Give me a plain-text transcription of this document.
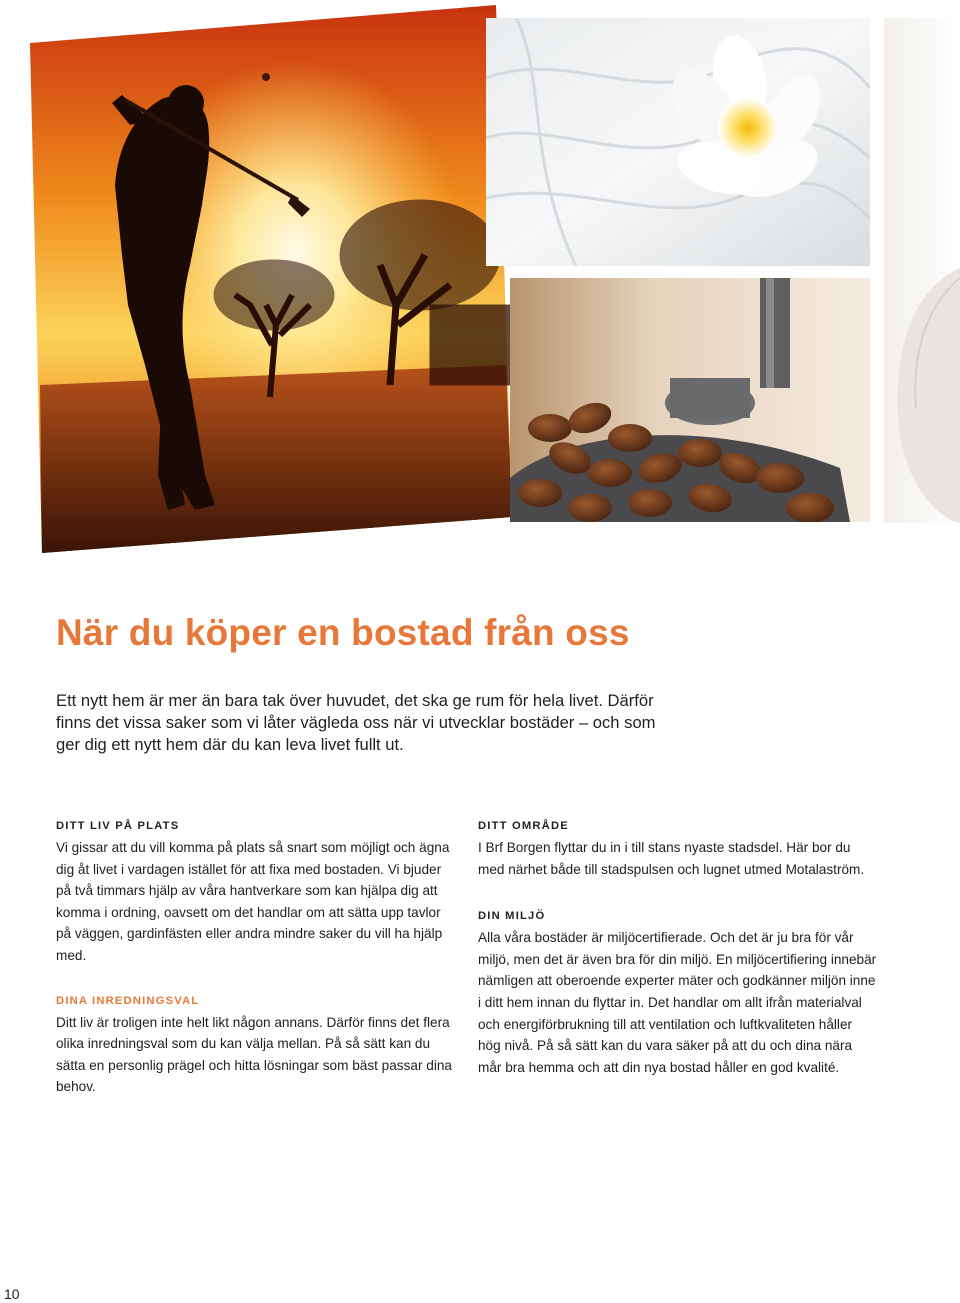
När du köper en bostad från oss

Ett nytt hem är mer än bara tak över huvudet, det ska ge rum för hela livet. Därför finns det vissa saker som vi låter vägleda oss när vi utvecklar bostäder – och som ger dig ett nytt hem där du kan leva livet fullt ut.

DITT LIV PÅ PLATS

Vi gissar att du vill komma på plats så snart som möjligt och ägna dig åt livet i vardagen istället för att fixa med bostaden. Vi bjuder på två timmars hjälp av våra hantverkare som kan hjälpa dig att komma i ordning, oavsett om det handlar om att sätta upp tavlor på väggen, gardinfästen eller andra mindre saker du vill ha hjälp med.

DINA INREDNINGSVAL

Ditt liv är troligen inte helt likt någon annans. Därför finns det flera olika inredningsval som du kan välja mellan. På så sätt kan du sätta en personlig prägel och hitta lösningar som bäst passar dina behov.

DITT OMRÅDE

I Brf Borgen flyttar du in i till stans nyaste stadsdel. Här bor du med närhet både till stadspulsen och lugnet utmed Motalaström.

DIN MILJÖ

Alla våra bostäder är miljöcertifierade. Och det är ju bra för vår miljö, men det är även bra för din miljö. En miljöcertifiering innebär nämligen att oberoende experter mäter och godkänner miljön inne i ditt hem innan du flyttar in. Det handlar om allt ifrån materialval och energiförbrukning till att ventilation och luftkvaliteten håller hög nivå. På så sätt kan du vara säker på att du och dina nära mår bra hemma och att din nya bostad håller en god kvalité.

10
